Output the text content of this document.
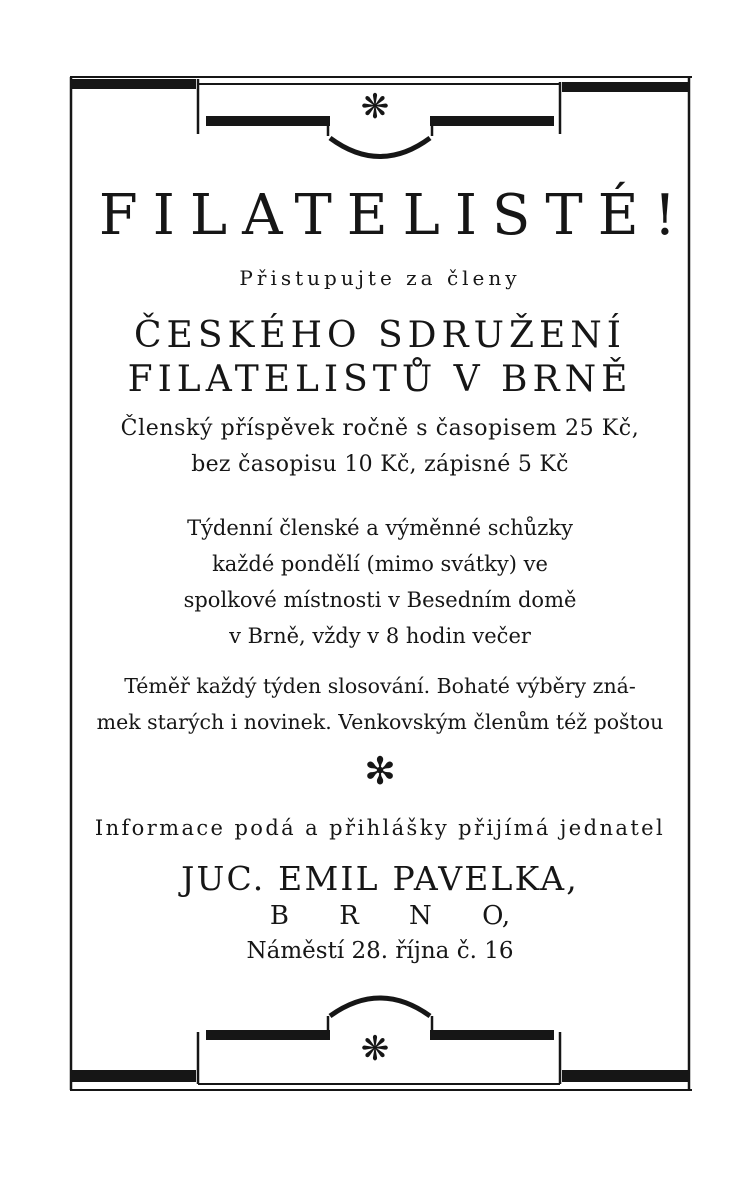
❋
FILATELISTÉ!
Přistupujte za členy
ČESKÉHO SDRUŽENÍ
FILATELISTŮ V BRNĚ
Členský příspěvek ročně s časopisem 25 Kč,
bez časopisu 10 Kč, zápisné 5 Kč
Týdenní členské a výměnné schůzky
každé pondělí (mimo svátky) ve
spolkové místnosti v Besedním domě
v Brně, vždy v 8 hodin večer
Téměř každý týden slosování. Bohaté výběry zná-
mek starých i novinek. Venkovským členům též poštou
✻
Informace podá a přihlášky přijímá jednatel
JUC. EMIL PAVELKA,
B R N O,
Náměstí 28. října č. 16
❋
